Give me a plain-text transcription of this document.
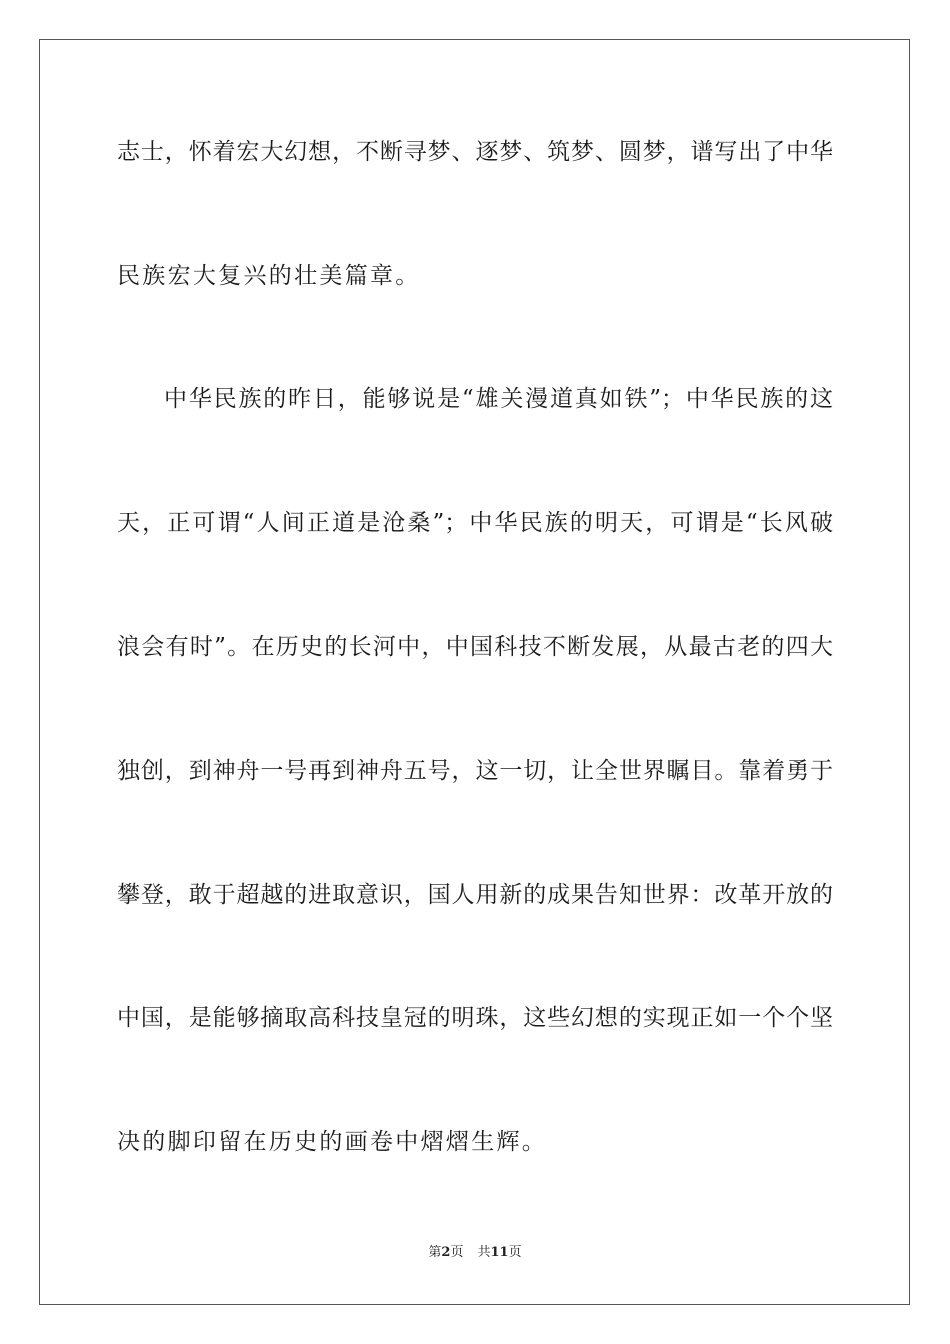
志士，怀着宏大幻想，不断寻梦、逐梦、筑梦、圆梦，谱写出了中华
民族宏大复兴的壮美篇章。
中华民族的昨日，能够说是“雄关漫道真如铁”；中华民族的这
天，正可谓“人间正道是沧桑”；中华民族的明天，可谓是“长风破
浪会有时”。在历史的长河中，中国科技不断发展，从最古老的四大
独创，到神舟一号再到神舟五号，这一切，让全世界瞩目。靠着勇于
攀登，敢于超越的进取意识，国人用新的成果告知世界：改革开放的
中国，是能够摘取高科技皇冠的明珠，这些幻想的实现正如一个个坚
决的脚印留在历史的画卷中熠熠生辉。
第2页 共11页
